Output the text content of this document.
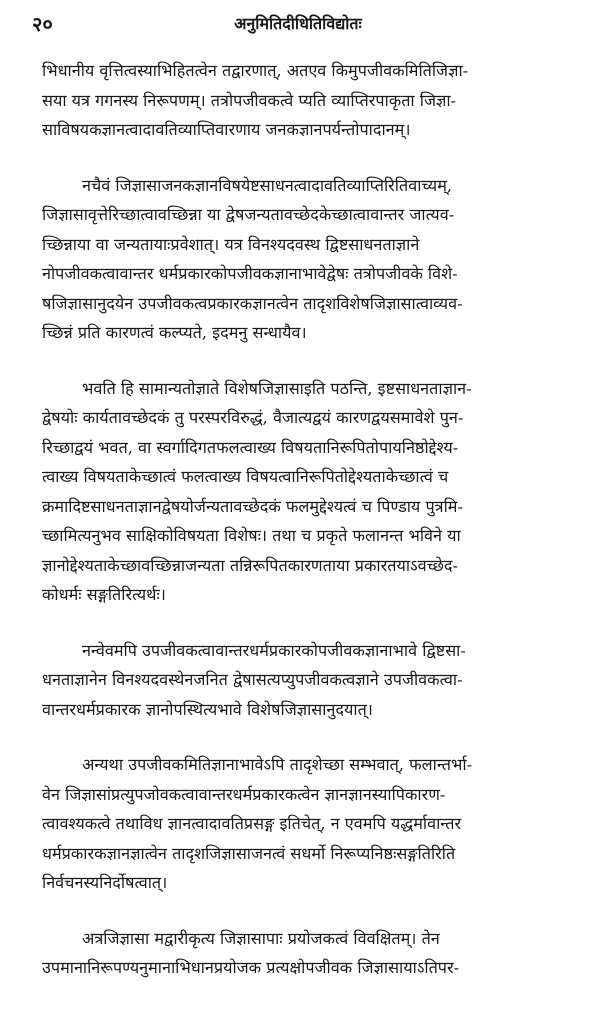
२०	अनुमितिदीधितिविद्योतः
भिधानीय वृत्तित्वस्याभिहितत्वेन तद्वारणात्, अतएव किमुपजीवकमितिजिज्ञा-
सया यत्र गगनस्य निरूपणम्। तत्रोपजीवकत्वे प्यति व्याप्तिरपाकृता जिज्ञा-
साविषयकज्ञानत्वादावतिव्याप्तिवारणाय जनकज्ञानपर्यन्तोपादानम्।
नचैवं जिज्ञासाजनकज्ञानविषयेष्टसाधनत्वादावतिव्याप्तिरितिवाच्यम्,
जिज्ञासावृत्तेरिच्छात्वावच्छिन्ना या द्वेषजन्यतावच्छेदकेच्छात्वावान्तर जात्यव-
च्छिन्नाया वा जन्यतायाःप्रवेशात्। यत्र विनश्यदवस्थ द्विष्टसाधनताज्ञाने
नोपजीवकत्वावान्तर धर्मप्रकारकोपजीवकज्ञानाभावेद्वेषः तत्रोपजीवके विशे-
षजिज्ञासानुदयेन उपजीवकत्वप्रकारकज्ञानत्वेन तादृशविशेषजिज्ञासात्वाव्यव-
च्छिन्नं प्रति कारणत्वं कल्प्यते, इदमनु सन्धायैव।
भवति हि सामान्यतोज्ञाते विशेषजिज्ञासाइति पठन्ति, इष्टसाधनताज्ञान-
द्वेषयोः कार्यतावच्छेदकं तु परस्परविरुद्धं, वैजात्यद्वयं कारणद्वयसमावेशे पुन-
रिच्छाद्वयं भवत, वा स्वर्गादिगतफलत्वाख्य विषयतानिरूपितोपायनिष्ठोद्देश्य-
त्वाख्य विषयताकेच्छात्वं फलत्वाख्य विषयत्वानिरूपितोद्देश्यताकेच्छात्वं च
क्रमादिष्टसाधनताज्ञानद्वेषयोर्जन्यतावच्छेदकं फलमुद्देश्यत्वं च पिण्डाय पुत्रमि-
च्छामित्यनुभव साक्षिकोविषयता विशेषः। तथा च प्रकृते फलानन्त भविने या
ज्ञानोद्देश्यताकेच्छावच्छिन्नाजन्यता तन्निरूपितकारणताया प्रकारतयाऽवच्छेद-
कोधर्मः सङ्गतिरित्यर्थः।
नन्वेवमपि उपजीवकत्वावान्तरधर्मप्रकारकोपजीवकज्ञानाभावे द्विष्टसा-
धनताज्ञानेन विनश्यदवस्थेनजनित द्वेषासत्यप्युपजीवकत्वज्ञाने उपजीवकत्वा-
वान्तरधर्मप्रकारक ज्ञानोपस्थित्यभावे विशेषजिज्ञासानुदयात्।
अन्यथा उपजीवकमितिज्ञानाभावेऽपि तादृशेच्छा सम्भवात्, फलान्तर्भा-
वेन जिज्ञासांप्रत्युपजोवकत्वावान्तरधर्मप्रकारकत्वेन ज्ञानज्ञानस्यापिकारण-
त्वावश्यकत्वे तथाविध ज्ञानत्वादावतिप्रसङ्ग इतिचेत्, न एवमपि यद्धर्मावान्तर
धर्मप्रकारकज्ञानज्ञात्वेन तादृशजिज्ञासाजनत्वं सधर्मो निरूप्यनिष्ठःसङ्गतिरिति
निर्वचनस्यनिर्दोषत्वात्।
अत्रजिज्ञासा मद्वारीकृत्य जिज्ञासापाः प्रयोजकत्वं विवक्षितम्। तेन
उपमानानिरूपण्यनुमानाभिधानप्रयोजक प्रत्यक्षोपजीवक जिज्ञासायाऽतिपर-
